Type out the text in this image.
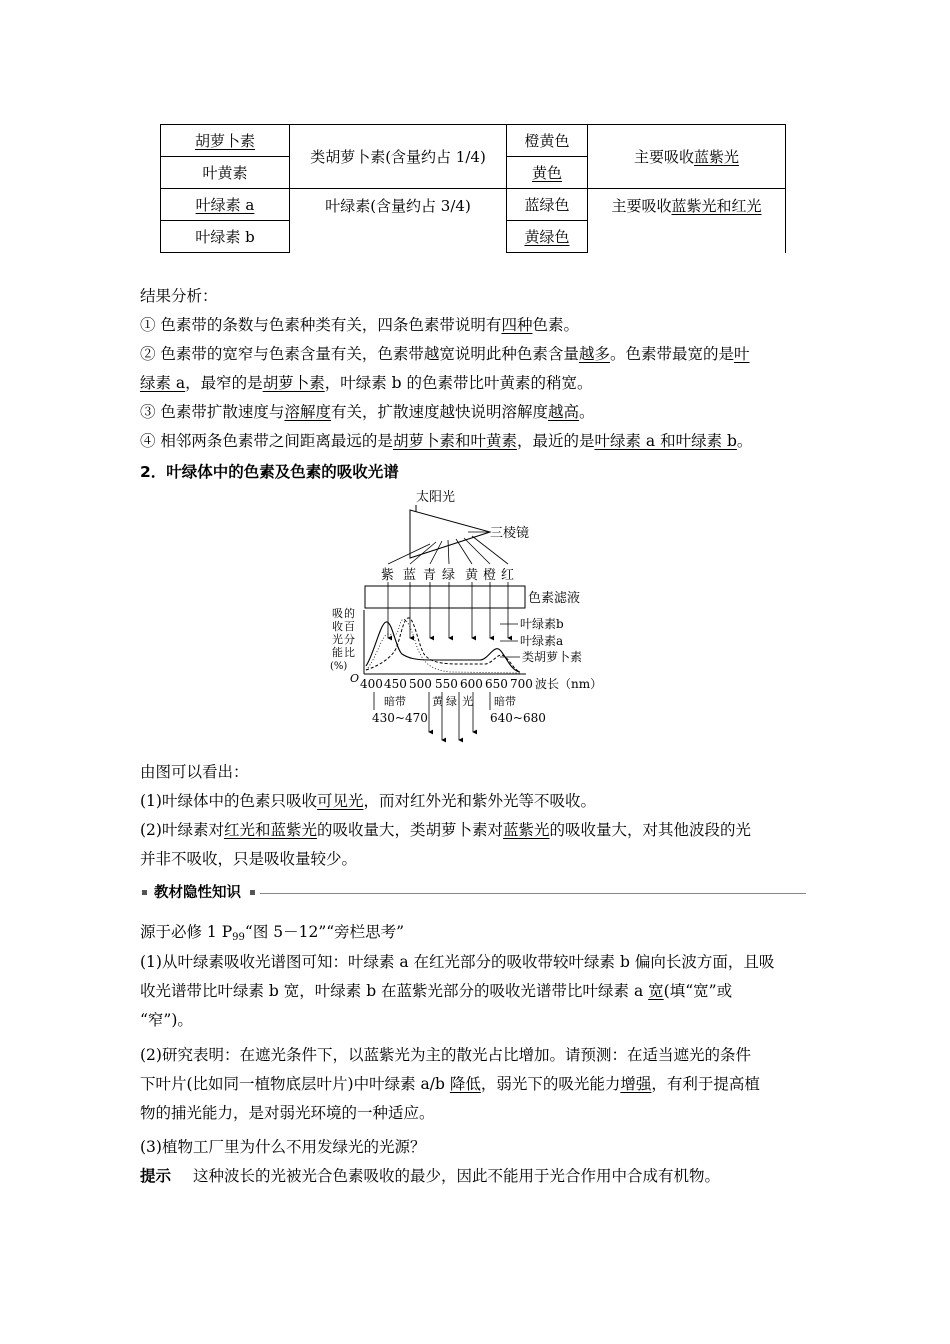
胡萝卜素	类胡萝卜素(含量约占 1/4)	橙黄色	主要吸收蓝紫光
叶黄素		黄色	
叶绿素 a	叶绿素(含量约占 3/4)	蓝绿色	主要吸收蓝紫光和红光
叶绿素 b		黄绿色	
结果分析：
① 色素带的条数与色素种类有关，四条色素带说明有四种色素。
② 色素带的宽窄与色素含量有关，色素带越宽说明此种色素含量越多。色素带最宽的是叶
绿素 a，最窄的是胡萝卜素，叶绿素 b 的色素带比叶黄素的稍宽。
③ 色素带扩散速度与溶解度有关，扩散速度越快说明溶解度越高。
④ 相邻两条色素带之间距离最远的是胡萝卜素和叶黄素，最近的是叶绿素 a 和叶绿素 b。
2．叶绿体中的色素及色素的吸收光谱
太阳光
三棱镜
紫 蓝 青 绿 黄 橙 红
色素滤液
吸
收
光
能
(%)
的
百
分
比
O
叶绿素b
叶绿素a
类胡萝卜素
400 450 500 550 600 650 700 波长（nm）
暗带
430~470
黄 绿 光 暗带
640~680
由图可以看出：
(1)叶绿体中的色素只吸收可见光，而对红外光和紫外光等不吸收。
(2)叶绿素对红光和蓝紫光的吸收量大，类胡萝卜素对蓝紫光的吸收量大，对其他波段的光
并非不吸收，只是吸收量较少。
教材隐性知识
源于必修 1 $P_{99}“$图 5－12”“旁栏思考”
(1)从叶绿素吸收光谱图可知：叶绿素 a 在红光部分的吸收带较叶绿素 b 偏向长波方面，且吸
收光谱带比叶绿素 b 宽，叶绿素 b 在蓝紫光部分的吸收光谱带比叶绿素 a 宽(填“宽”或
“窄”)。
(2)研究表明：在遮光条件下，以蓝紫光为主的散光占比增加。请预测：在适当遮光的条件
下叶片(比如同一植物底层叶片)中叶绿素 a/b 降低，弱光下的吸光能力增强，有利于提高植
物的捕光能力，是对弱光环境的一种适应。
(3)植物工厂里为什么不用发绿光的光源？
提示 这种波长的光被光合色素吸收的最少，因此不能用于光合作用中合成有机物。
